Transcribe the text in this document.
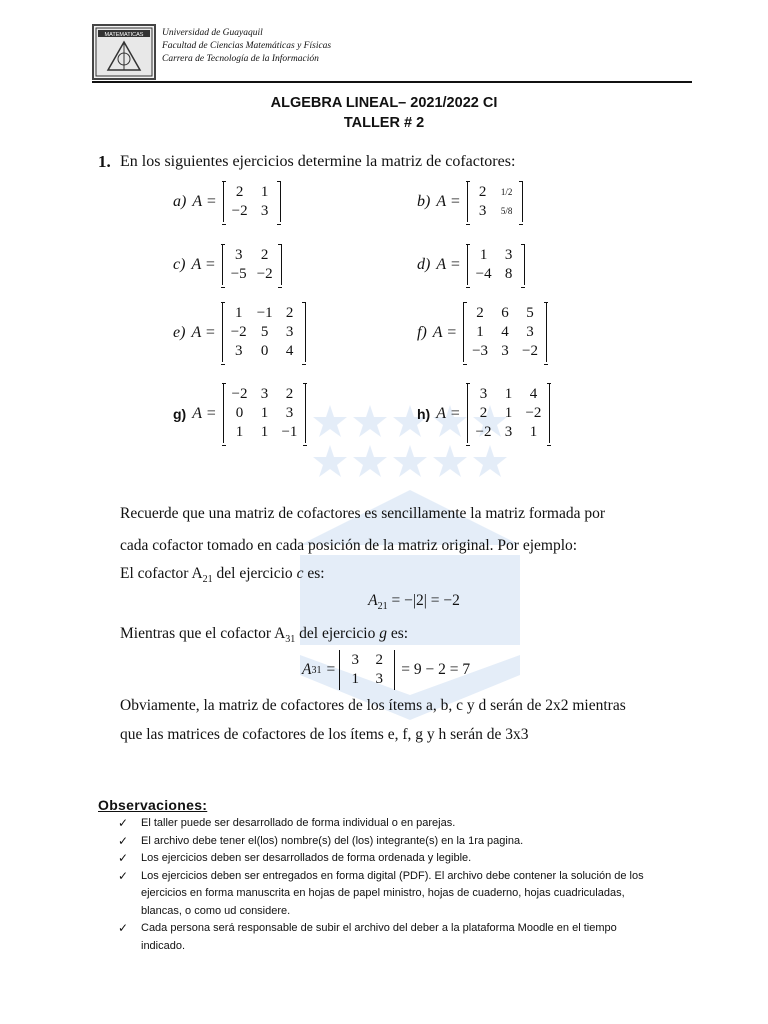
MATEMATICAS Universidad de Guayaquil
Facultad de Ciencias Matemáticas y Físicas
Carrera de Tecnología de la Información
ALGEBRA LINEAL– 2021/2022 CI
TALLER # 2
1. En los siguientes ejercicios determine la matriz de cofactores:
a) A =
2	1
−2 3
b) A =
2	1/2
3	5/8
c) A =
3	2
−5 −2
d) A =
1	3
−4 8
e) A =
1 −1 2
−2 5	3
3	0	4
f) A =
2	6	5
1	4	3
−3 3 −2
g) A =
−2 3	2
0	1	3
1	1 −1
h) A =
3	1	4
2	1 −2
−2 3	1
Recuerde que una matriz de cofactores es sencillamente la matriz formada por
cada cofactor tomado en cada posición de la matriz original. Por ejemplo:
El cofactor $A_{21}$ del ejercicio c es:
$A_{21} = -|2| = -2$
Mientras que el cofactor $A_{31}$ del ejercicio g es:
A 31 =
3	2
1	3
= 9 − 2 = 7
Obviamente, la matriz de cofactores de los ítems a, b, c y d serán de 2x2 mientras
que las matrices de cofactores de los ítems e, f, g y h serán de 3x3
Observaciones:
✓ El taller puede ser desarrollado de forma individual o en parejas.
✓ El archivo debe tener el(los) nombre(s) del (los) integrante(s) en la 1ra pagina.
✓ Los ejercicios deben ser desarrollados de forma ordenada y legible.
✓ Los ejercicios deben ser entregados en forma digital (PDF). El archivo debe contener la solución de los ejercicios en forma manuscrita en hojas de papel ministro, hojas de cuaderno, hojas cuadriculadas, blancas, o como ud considere.
✓ Cada persona será responsable de subir el archivo del deber a la plataforma Moodle en el tiempo indicado.
